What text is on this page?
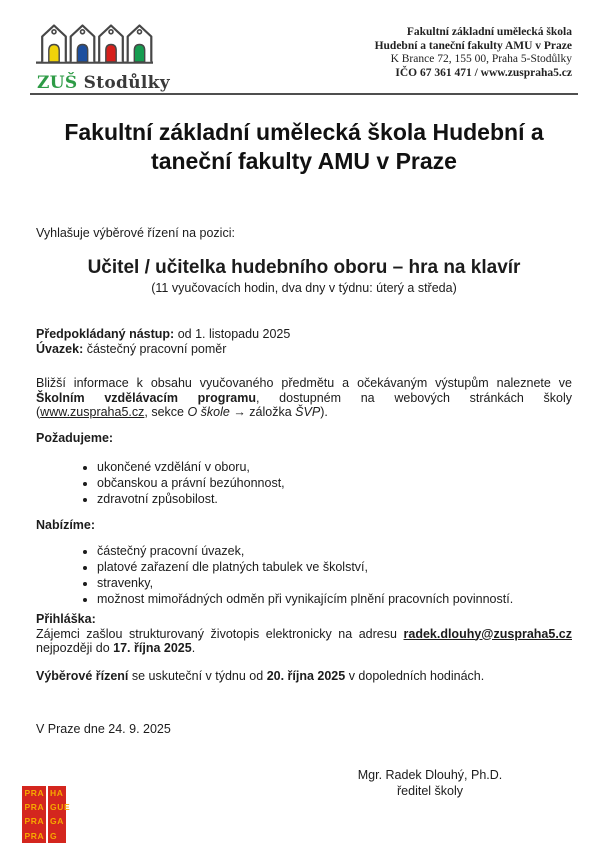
ZUŠ Stodůlky
Fakultní základní umělecká škola
Hudební a taneční fakulty AMU v Praze
K Brance 72, 155 00, Praha 5-Stodůlky
IČO 67 361 471 / www.zuspraha5.cz
Fakultní základní umělecká škola Hudební a
taneční fakulty AMU v Praze
Vyhlašuje výběrové řízení na pozici:
Učitel / učitelka hudebního oboru – hra na klavír
(11 vyučovacích hodin, dva dny v týdnu: úterý a středa)
Předpokládaný nástup: od 1. listopadu 2025
Úvazek: částečný pracovní poměr
Bližší informace k obsahu vyučovaného předmětu a očekávaným výstupům naleznete ve Školním vzdělávacím programu, dostupném na webových stránkách školy (www.zuspraha5.cz, sekce O škole → záložka ŠVP).
Požadujeme:
• ukončené vzdělání v oboru,
• občanskou a právní bezúhonnost,
• zdravotní způsobilost.
Nabízíme:
• částečný pracovní úvazek,
• platové zařazení dle platných tabulek ve školství,
• stravenky,
• možnost mimořádných odměn při vynikajícím plnění pracovních povinností.
Přihláška:
Zájemci zašlou strukturovaný životopis elektronicky na adresu radek.dlouhy@zuspraha5.cz nejpozději do 17. října 2025.
Výběrové řízení se uskuteční v týdnu od 20. října 2025 v dopoledních hodinách.
V Praze dne 24. 9. 2025
Mgr. Radek Dlouhý, Ph.D.
ředitel školy
PRA HA
PRA GUE
PRA GA
PRA G
